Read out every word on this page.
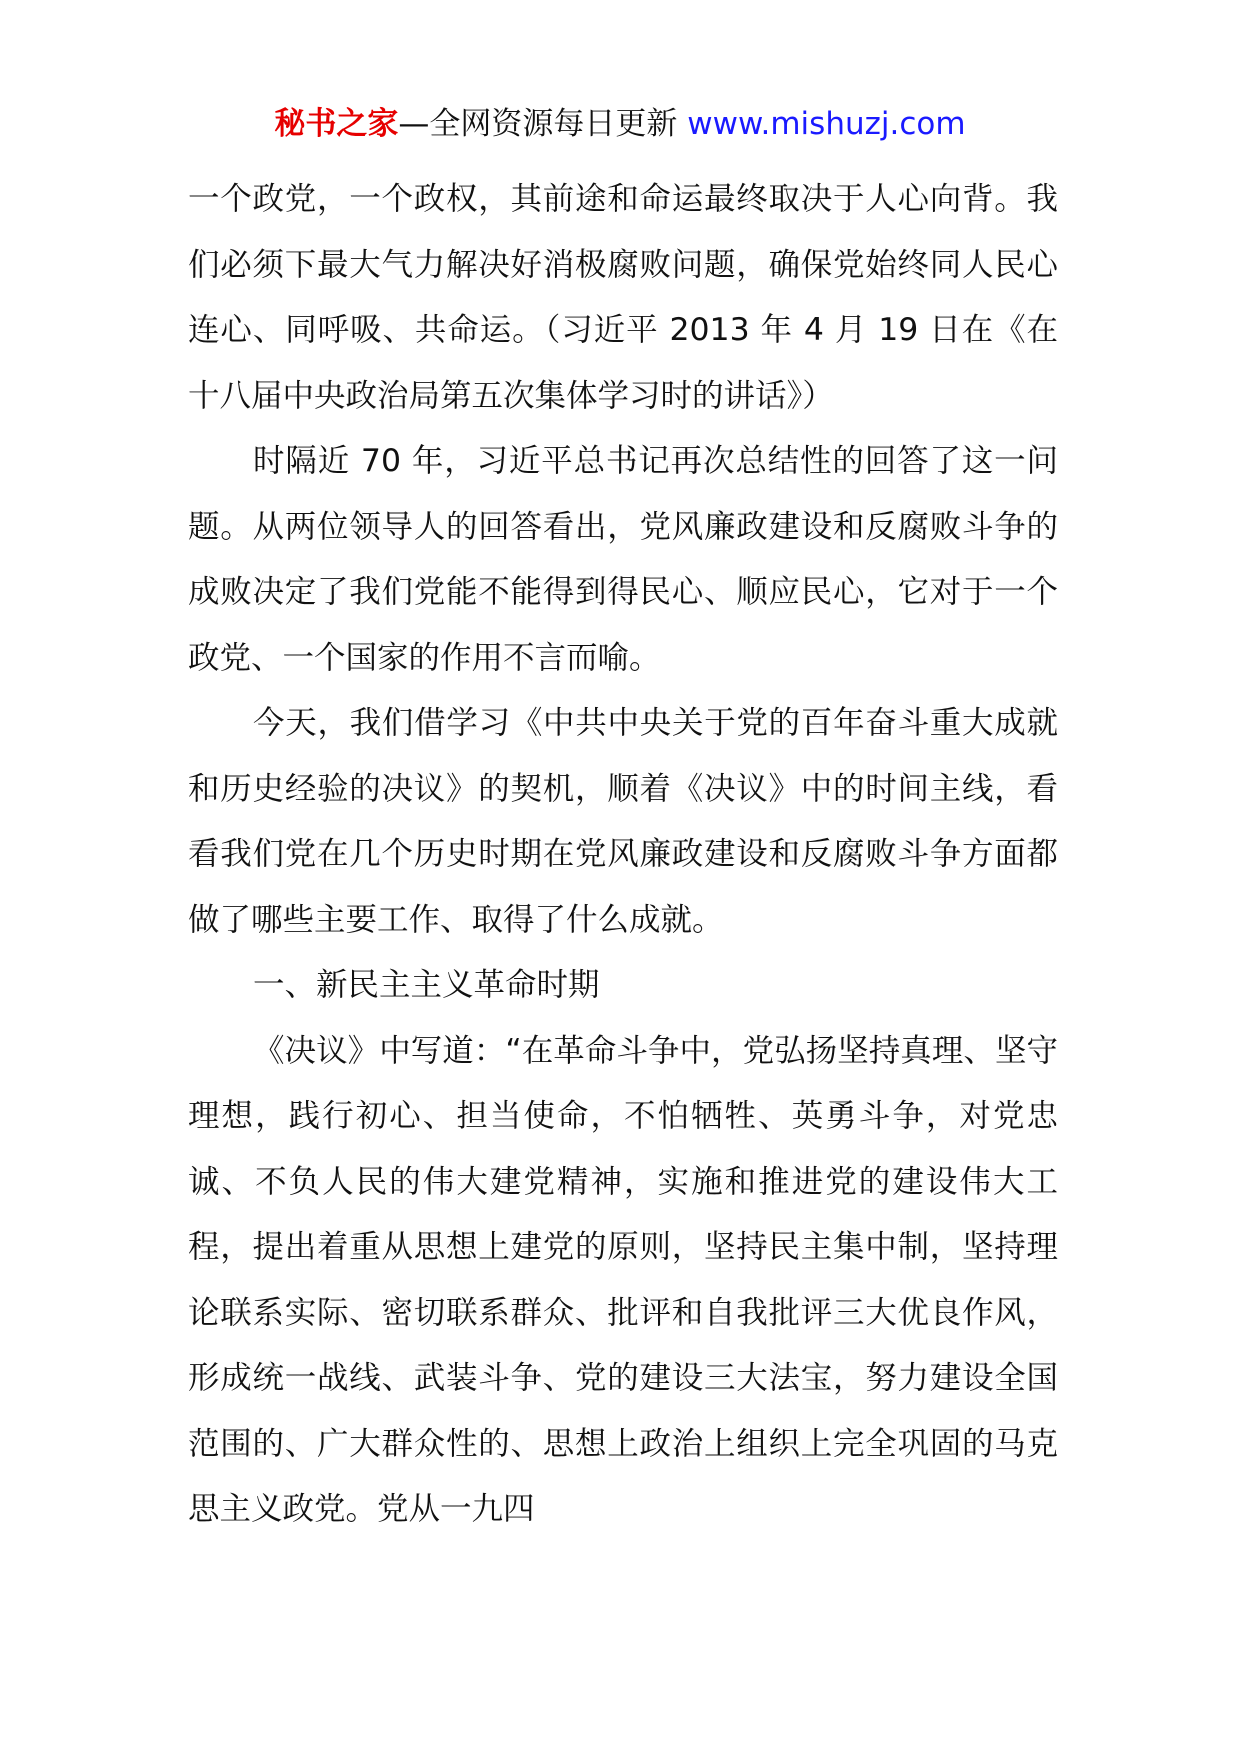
秘书之家—全网资源每日更新 www.mishuzj.com

一个政党，一个政权，其前途和命运最终取决于人心向背。我们必须下最大气力解决好消极腐败问题，确保党始终同人民心连心、同呼吸、共命运。（习近平 2013 年 4 月 19 日在《在十八届中央政治局第五次集体学习时的讲话》）

时隔近 70 年，习近平总书记再次总结性的回答了这一问题。从两位领导人的回答看出，党风廉政建设和反腐败斗争的成败决定了我们党能不能得到得民心、顺应民心，它对于一个政党、一个国家的作用不言而喻。

今天，我们借学习《中共中央关于党的百年奋斗重大成就和历史经验的决议》的契机，顺着《决议》中的时间主线，看看我们党在几个历史时期在党风廉政建设和反腐败斗争方面都做了哪些主要工作、取得了什么成就。

一、新民主主义革命时期

《决议》中写道：“在革命斗争中，党弘扬坚持真理、坚守理想，践行初心、担当使命，不怕牺牲、英勇斗争，对党忠诚、不负人民的伟大建党精神，实施和推进党的建设伟大工程，提出着重从思想上建党的原则，坚持民主集中制，坚持理论联系实际、密切联系群众、批评和自我批评三大优良作风，形成统一战线、武装斗争、党的建设三大法宝，努力建设全国范围的、广大群众性的、思想上政治上组织上完全巩固的马克思主义政党。党从一九四
